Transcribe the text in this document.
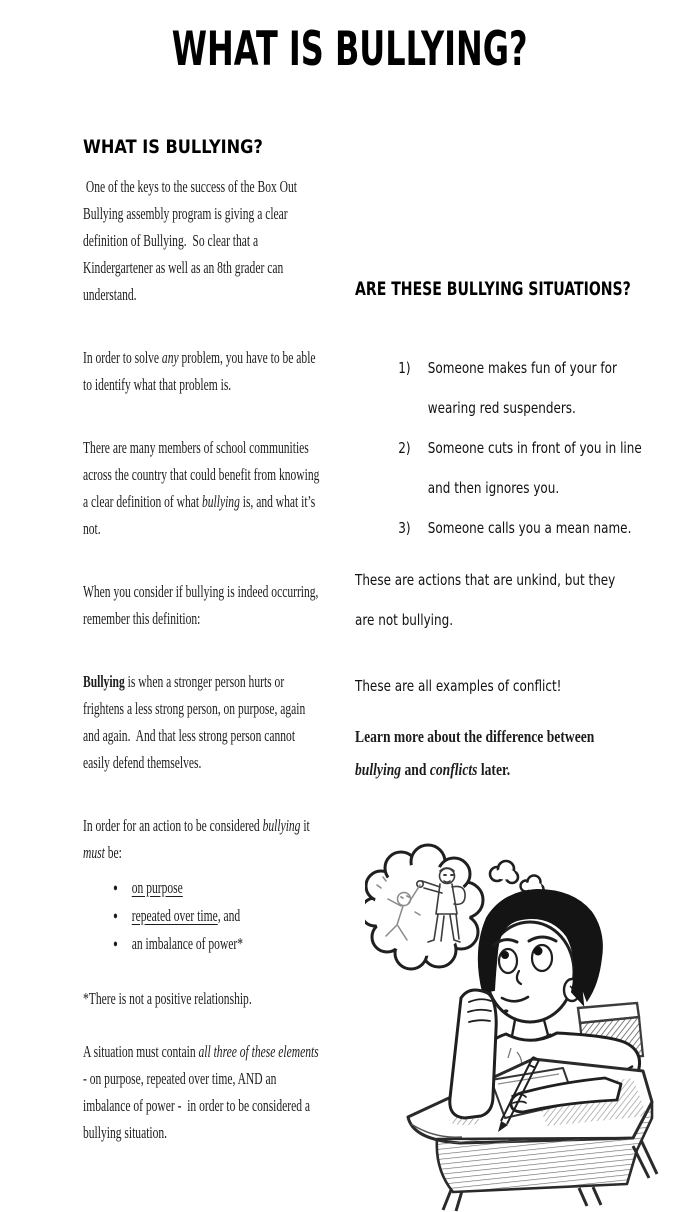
WHAT IS BULLYING?
WHAT IS BULLYING?
One of the keys to the success of the Box Out
Bullying assembly program is giving a clear
definition of Bullying.  So clear that a
Kindergartener as well as an 8th grader can
understand.
In order to solve any problem, you have to be able
to identify what that problem is.
There are many members of school communities
across the country that could benefit from knowing
a clear definition of what bullying is, and what it’s
not.
When you consider if bullying is indeed occurring,
remember this definition:
Bullying is when a stronger person hurts or
frightens a less strong person, on purpose, again
and again.  And that less strong person cannot
easily defend themselves.
In order for an action to be considered bullying it
must be:
● on purpose
● repeated over time, and
● an imbalance of power*
*There is not a positive relationship.
A situation must contain all three of these elements
- on purpose, repeated over time, AND an
imbalance of power -  in order to be considered a
bullying situation.
ARE THESE BULLYING SITUATIONS?
1) Someone makes fun of your for
wearing red suspenders.
2) Someone cuts in front of you in line
and then ignores you.
3) Someone calls you a mean name.
These are actions that are unkind, but they
are not bullying.
These are all examples of conflict!
Learn more about the difference between
bullying and conflicts later.
